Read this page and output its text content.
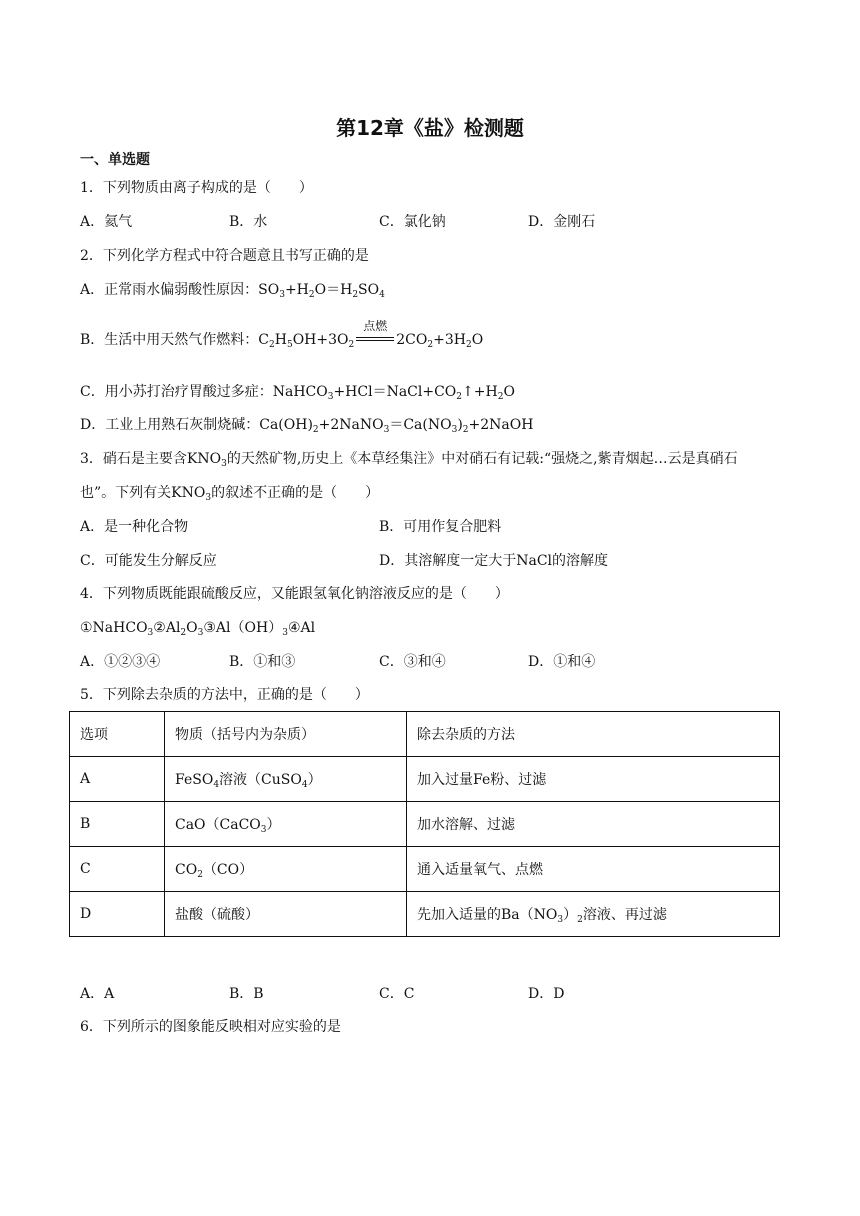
第12章《盐》检测题
一、单选题
1．下列物质由离子构成的是（　　）
A．氦气	B．水	C．氯化钠	D．金刚石
2．下列化学方程式中符合题意且书写正确的是
A．正常雨水偏弱酸性原因：$SO_3+H_2O=H_2SO_4$
B．生活中用天然气作燃料：$C_2H_5OH+3O_2$
点燃
$2CO_2+3H_2O$
C．用小苏打治疗胃酸过多症：$NaHCO_3+HCl=NaCl+CO_2↑+H_2O$
D．工业上用熟石灰制烧碱：$Ca(OH)_2+2NaNO_3=Ca(NO_3)_2+2NaOH$
3．硝石是主要含$KNO_3$的天然矿物,历史上《本草经集注》中对硝石有记载:“强烧之,紫青烟起…云是真硝石
也”。下列有关$KNO_3$的叙述不正确的是（　　）
A．是一种化合物	B．可用作复合肥料
C．可能发生分解反应	D．其溶解度一定大于NaCl的溶解度
4．下列物质既能跟硫酸反应，又能跟氢氧化钠溶液反应的是（　　）
$①NaHCO_3②Al_2O_3③Al(OH)_3④Al$
A．①②③④	B．①和③	C．③和④	D．①和④
5．下列除去杂质的方法中，正确的是（　　）
选项	物质（括号内为杂质）	除去杂质的方法
A	FeSO$_4$溶液（CuSO$_4$）	加入过量Fe粉、过滤
B	CaO（CaCO$_3$）	加水溶解、过滤
C	$CO_2(CO)$	通入适量氧气、点燃
D	盐酸（硫酸）	先加入适量的$Ba(NO_3)_2$溶液、再过滤
A．A	B．B	C．C	D．D
6．下列所示的图象能反映相对应实验的是
